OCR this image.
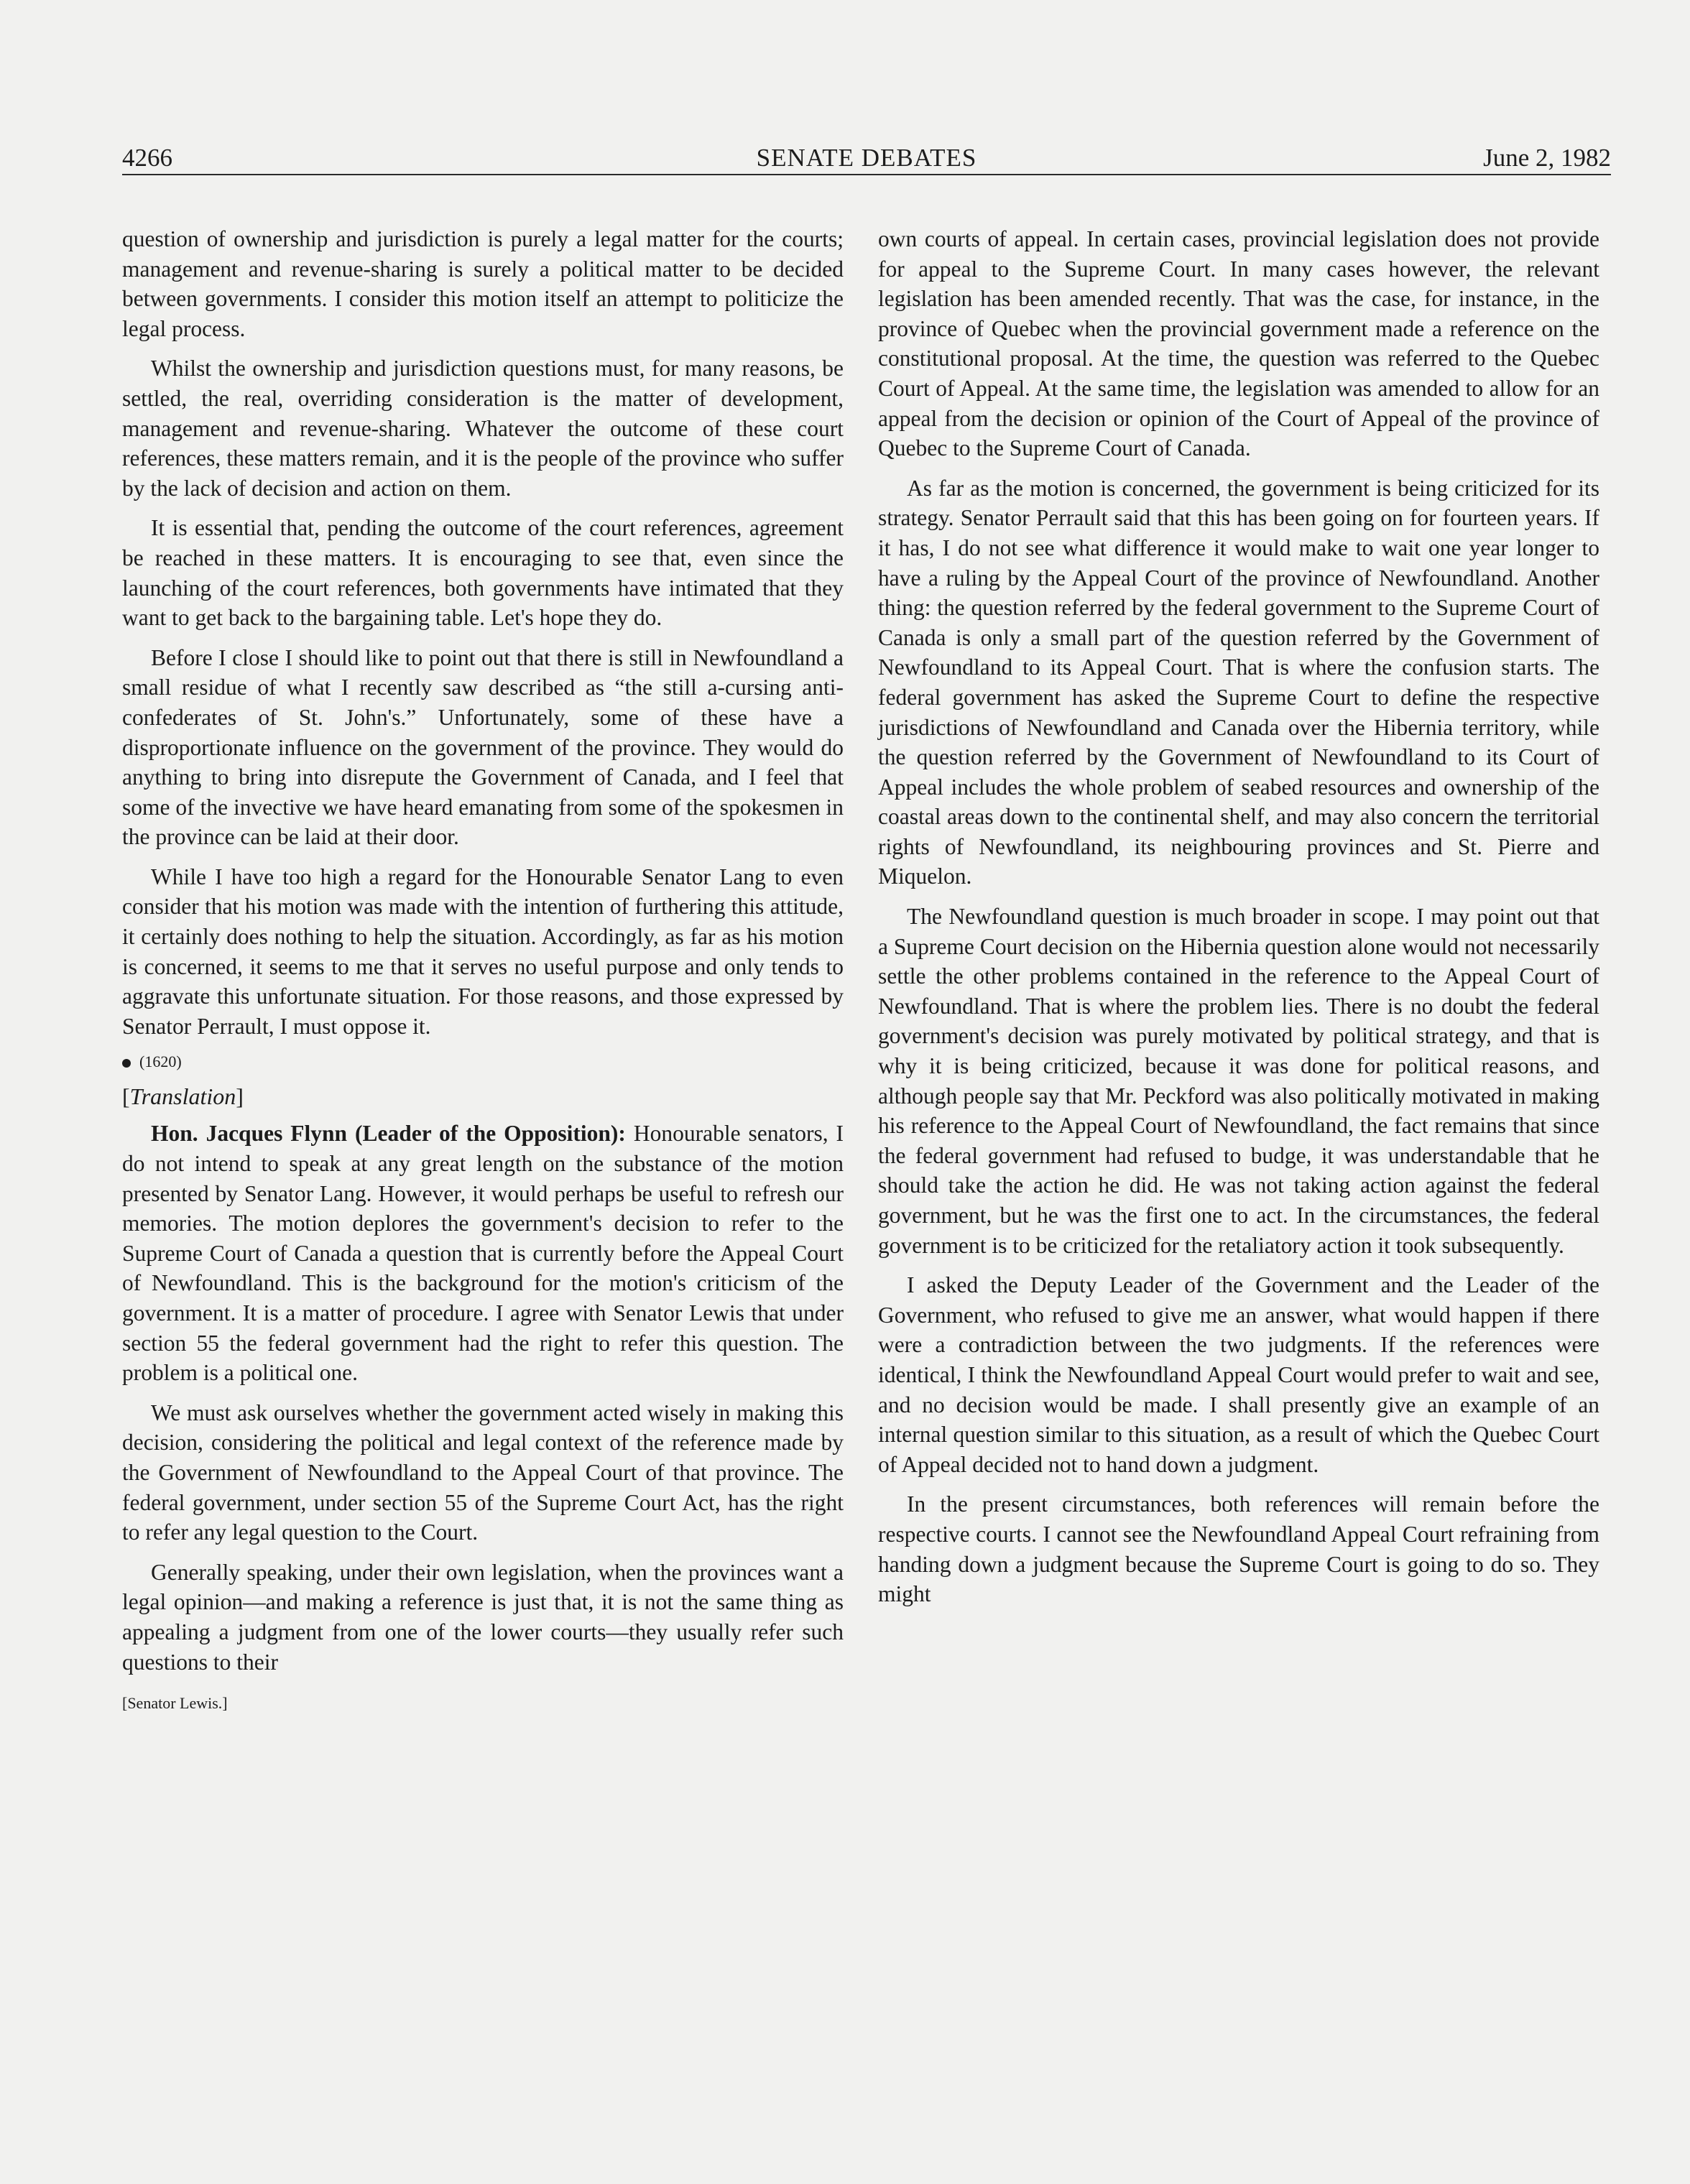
4266	SENATE DEBATES	June 2, 1982

question of ownership and jurisdiction is purely a legal matter for the courts; management and revenue-sharing is surely a political matter to be decided between governments. I consider this motion itself an attempt to politicize the legal process.

Whilst the ownership and jurisdiction questions must, for many reasons, be settled, the real, overriding consideration is the matter of development, management and revenue-sharing. Whatever the outcome of these court references, these matters remain, and it is the people of the province who suffer by the lack of decision and action on them.

It is essential that, pending the outcome of the court references, agreement be reached in these matters. It is encouraging to see that, even since the launching of the court references, both governments have intimated that they want to get back to the bargaining table. Let's hope they do.

Before I close I should like to point out that there is still in Newfoundland a small residue of what I recently saw described as “the still a-cursing anti-confederates of St. John's.” Unfortunately, some of these have a disproportionate influence on the government of the province. They would do anything to bring into disrepute the Government of Canada, and I feel that some of the invective we have heard emanating from some of the spokesmen in the province can be laid at their door.

While I have too high a regard for the Honourable Senator Lang to even consider that his motion was made with the intention of furthering this attitude, it certainly does nothing to help the situation. Accordingly, as far as his motion is concerned, it seems to me that it serves no useful purpose and only tends to aggravate this unfortunate situation. For those reasons, and those expressed by Senator Perrault, I must oppose it.

(1620)
[Translation]

Hon. Jacques Flynn (Leader of the Opposition): Honourable senators, I do not intend to speak at any great length on the substance of the motion presented by Senator Lang. However, it would perhaps be useful to refresh our memories. The motion deplores the government's decision to refer to the Supreme Court of Canada a question that is currently before the Appeal Court of Newfoundland. This is the background for the motion's criticism of the government. It is a matter of procedure. I agree with Senator Lewis that under section 55 the federal government had the right to refer this question. The problem is a political one.

We must ask ourselves whether the government acted wisely in making this decision, considering the political and legal context of the reference made by the Government of Newfoundland to the Appeal Court of that province. The federal government, under section 55 of the Supreme Court Act, has the right to refer any legal question to the Court.

Generally speaking, under their own legislation, when the provinces want a legal opinion—and making a reference is just that, it is not the same thing as appealing a judgment from one of the lower courts—they usually refer such questions to their

[Senator Lewis.]

own courts of appeal. In certain cases, provincial legislation does not provide for appeal to the Supreme Court. In many cases however, the relevant legislation has been amended recently. That was the case, for instance, in the province of Quebec when the provincial government made a reference on the constitutional proposal. At the time, the question was referred to the Quebec Court of Appeal. At the same time, the legislation was amended to allow for an appeal from the decision or opinion of the Court of Appeal of the province of Quebec to the Supreme Court of Canada.

As far as the motion is concerned, the government is being criticized for its strategy. Senator Perrault said that this has been going on for fourteen years. If it has, I do not see what difference it would make to wait one year longer to have a ruling by the Appeal Court of the province of Newfoundland. Another thing: the question referred by the federal government to the Supreme Court of Canada is only a small part of the question referred by the Government of Newfoundland to its Appeal Court. That is where the confusion starts. The federal government has asked the Supreme Court to define the respective jurisdictions of Newfoundland and Canada over the Hibernia territory, while the question referred by the Government of Newfoundland to its Court of Appeal includes the whole problem of seabed resources and ownership of the coastal areas down to the continental shelf, and may also concern the territorial rights of Newfoundland, its neighbouring provinces and St. Pierre and Miquelon.

The Newfoundland question is much broader in scope. I may point out that a Supreme Court decision on the Hibernia question alone would not necessarily settle the other problems contained in the reference to the Appeal Court of Newfoundland. That is where the problem lies. There is no doubt the federal government's decision was purely motivated by political strategy, and that is why it is being criticized, because it was done for political reasons, and although people say that Mr. Peckford was also politically motivated in making his reference to the Appeal Court of Newfoundland, the fact remains that since the federal government had refused to budge, it was understandable that he should take the action he did. He was not taking action against the federal government, but he was the first one to act. In the circumstances, the federal government is to be criticized for the retaliatory action it took subsequently.

I asked the Deputy Leader of the Government and the Leader of the Government, who refused to give me an answer, what would happen if there were a contradiction between the two judgments. If the references were identical, I think the Newfoundland Appeal Court would prefer to wait and see, and no decision would be made. I shall presently give an example of an internal question similar to this situation, as a result of which the Quebec Court of Appeal decided not to hand down a judgment.

In the present circumstances, both references will remain before the respective courts. I cannot see the Newfoundland Appeal Court refraining from handing down a judgment because the Supreme Court is going to do so. They might
